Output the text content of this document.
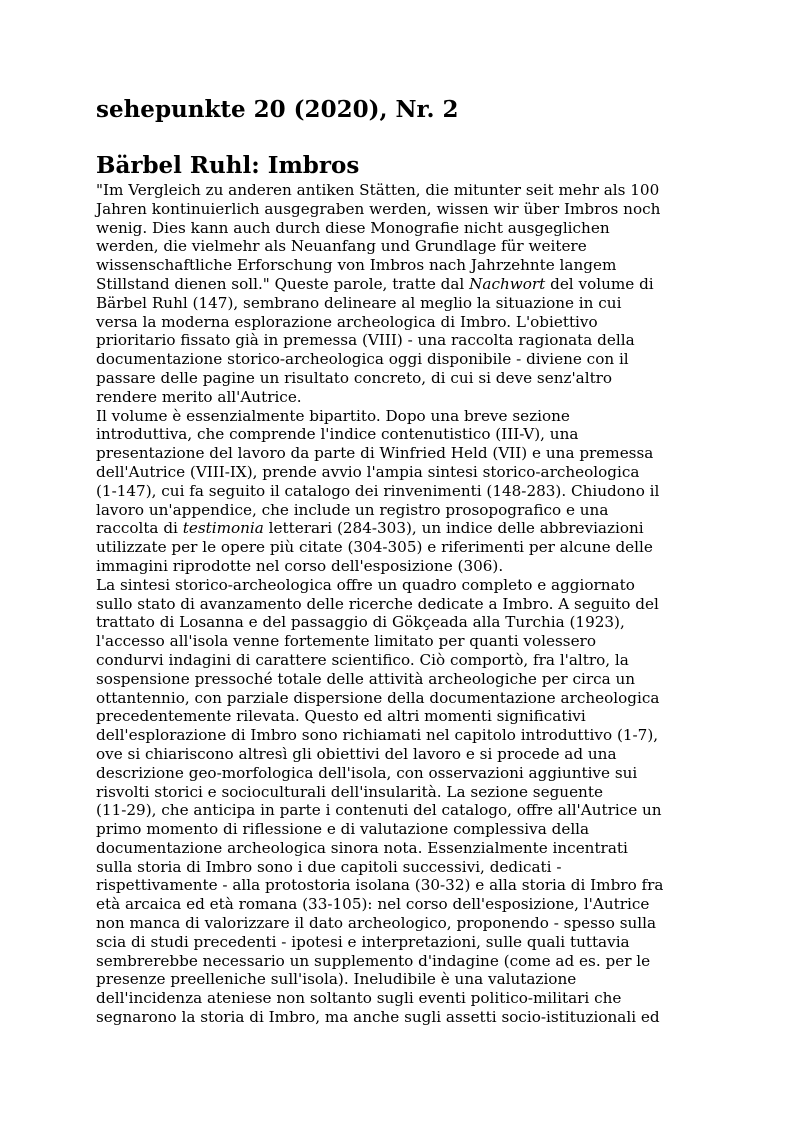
sehepunkte 20 (2020), Nr. 2
Bärbel Ruhl: Imbros
"Im Vergleich zu anderen antiken Stätten, die mitunter seit mehr als 100
Jahren kontinuierlich ausgegraben werden, wissen wir über Imbros noch
wenig. Dies kann auch durch diese Monografie nicht ausgeglichen
werden, die vielmehr als Neuanfang und Grundlage für weitere
wissenschaftliche Erforschung von Imbros nach Jahrzehnte langem
Stillstand dienen soll." Queste parole, tratte dal Nachwort del volume di
Bärbel Ruhl (147), sembrano delineare al meglio la situazione in cui
versa la moderna esplorazione archeologica di Imbro. L'obiettivo
prioritario fissato già in premessa (VIII) - una raccolta ragionata della
documentazione storico-archeologica oggi disponibile - diviene con il
passare delle pagine un risultato concreto, di cui si deve senz'altro
rendere merito all'Autrice.
Il volume è essenzialmente bipartito. Dopo una breve sezione
introduttiva, che comprende l'indice contenutistico (III-V), una
presentazione del lavoro da parte di Winfried Held (VII) e una premessa
dell'Autrice (VIII-IX), prende avvio l'ampia sintesi storico-archeologica
(1-147), cui fa seguito il catalogo dei rinvenimenti (148-283). Chiudono il
lavoro un'appendice, che include un registro prosopografico e una
raccolta di testimonia letterari (284-303), un indice delle abbreviazioni
utilizzate per le opere più citate (304-305) e riferimenti per alcune delle
immagini riprodotte nel corso dell'esposizione (306).
La sintesi storico-archeologica offre un quadro completo e aggiornato
sullo stato di avanzamento delle ricerche dedicate a Imbro. A seguito del
trattato di Losanna e del passaggio di Gökçeada alla Turchia (1923),
l'accesso all'isola venne fortemente limitato per quanti volessero
condurvi indagini di carattere scientifico. Ciò comportò, fra l'altro, la
sospensione pressoché totale delle attività archeologiche per circa un
ottantennio, con parziale dispersione della documentazione archeologica
precedentemente rilevata. Questo ed altri momenti significativi
dell'esplorazione di Imbro sono richiamati nel capitolo introduttivo (1-7),
ove si chiariscono altresì gli obiettivi del lavoro e si procede ad una
descrizione geo-morfologica dell'isola, con osservazioni aggiuntive sui
risvolti storici e socioculturali dell'insularità. La sezione seguente
(11-29), che anticipa in parte i contenuti del catalogo, offre all'Autrice un
primo momento di riflessione e di valutazione complessiva della
documentazione archeologica sinora nota. Essenzialmente incentrati
sulla storia di Imbro sono i due capitoli successivi, dedicati -
rispettivamente - alla protostoria isolana (30-32) e alla storia di Imbro fra
età arcaica ed età romana (33-105): nel corso dell'esposizione, l'Autrice
non manca di valorizzare il dato archeologico, proponendo - spesso sulla
scia di studi precedenti - ipotesi e interpretazioni, sulle quali tuttavia
sembrerebbe necessario un supplemento d'indagine (come ad es. per le
presenze preelleniche sull'isola). Ineludibile è una valutazione
dell'incidenza ateniese non soltanto sugli eventi politico-militari che
segnarono la storia di Imbro, ma anche sugli assetti socio-istituzionali ed
